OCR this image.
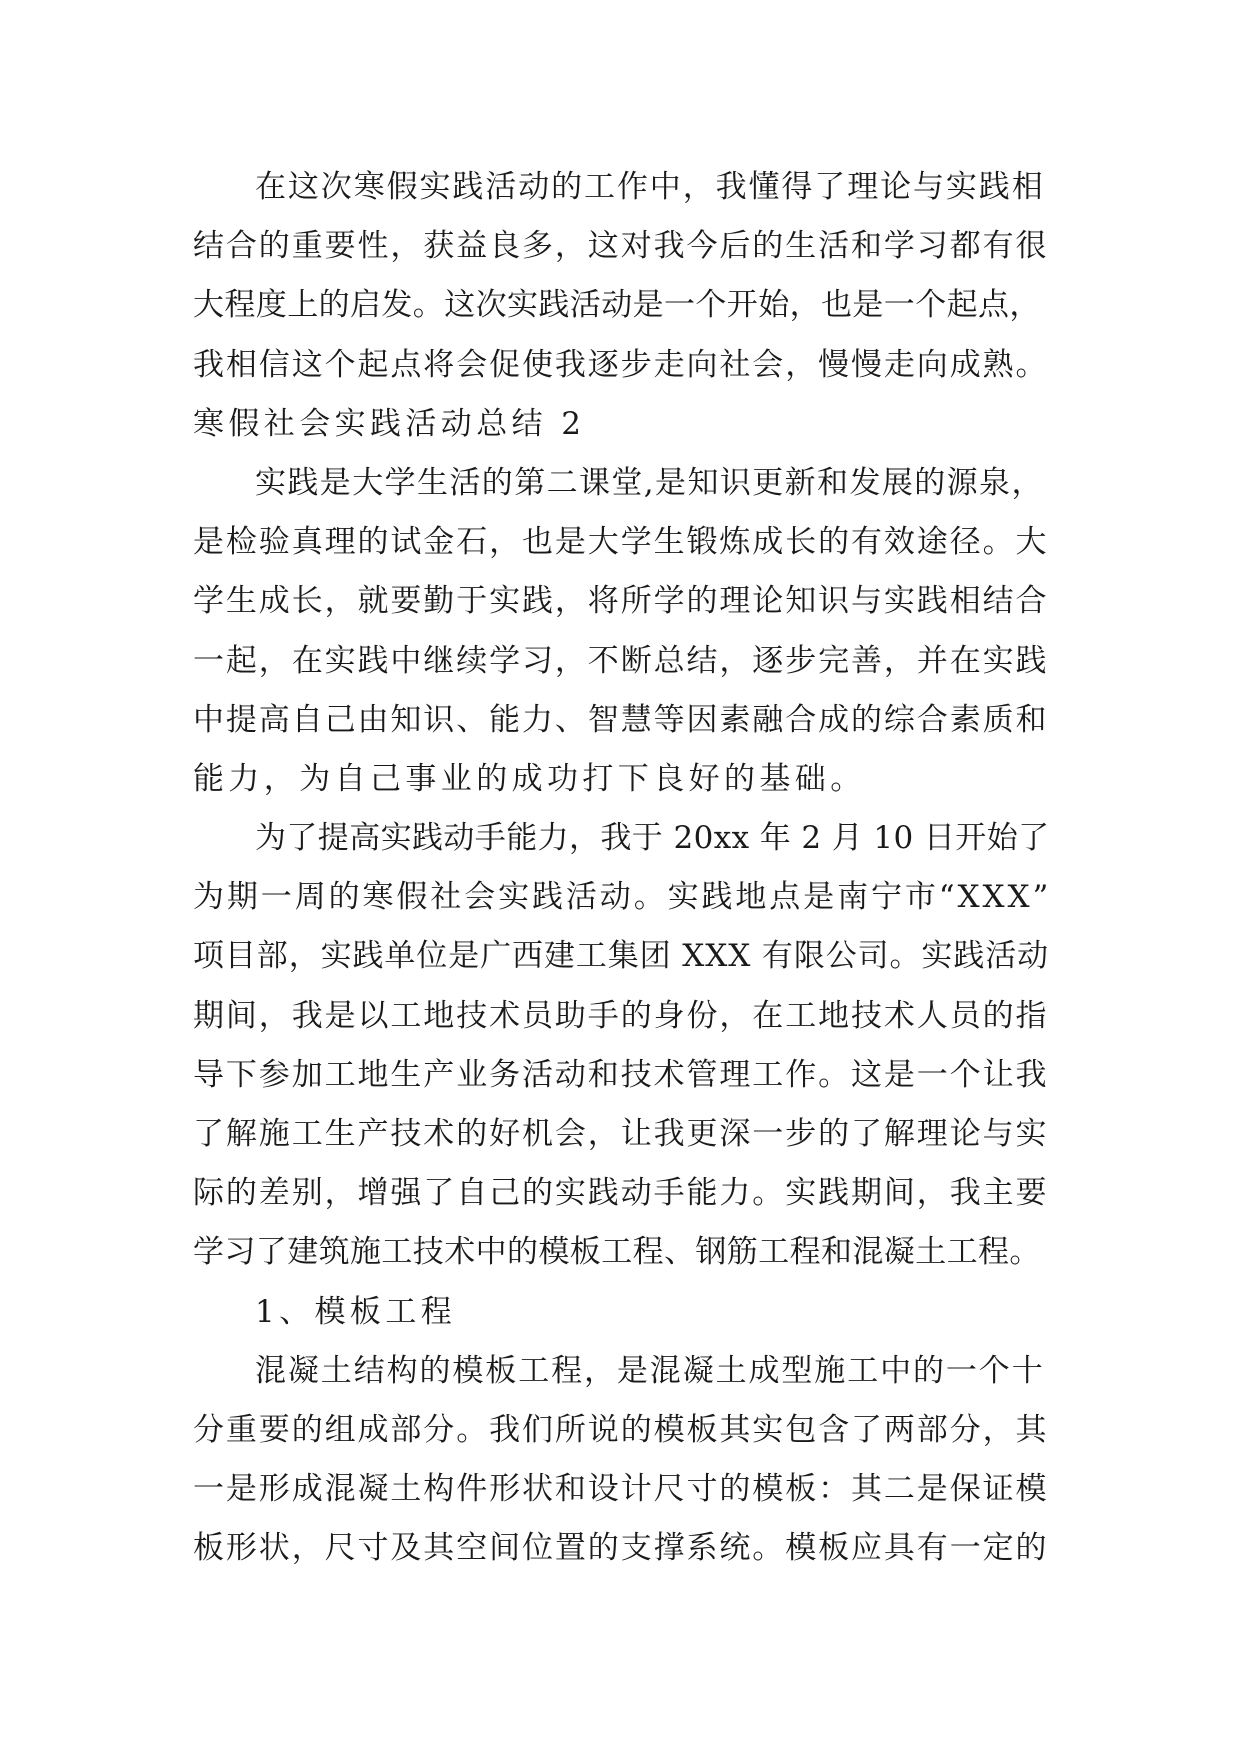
在这次寒假实践活动的工作中，我懂得了理论与实践相
结合的重要性，获益良多，这对我今后的生活和学习都有很
大程度上的启发。这次实践活动是一个开始，也是一个起点，
我相信这个起点将会促使我逐步走向社会，慢慢走向成熟。
寒假社会实践活动总结 2
实践是大学生活的第二课堂,是知识更新和发展的源泉，
是检验真理的试金石，也是大学生锻炼成长的有效途径。大
学生成长，就要勤于实践，将所学的理论知识与实践相结合
一起，在实践中继续学习，不断总结，逐步完善，并在实践
中提高自己由知识、能力、智慧等因素融合成的综合素质和
能力，为自己事业的成功打下良好的基础。
为了提高实践动手能力，我于 20xx 年 2 月 10 日开始了
为期一周的寒假社会实践活动。实践地点是南宁市“XXX”
项目部，实践单位是广西建工集团 XXX 有限公司。实践活动
期间，我是以工地技术员助手的身份，在工地技术人员的指
导下参加工地生产业务活动和技术管理工作。这是一个让我
了解施工生产技术的好机会，让我更深一步的了解理论与实
际的差别，增强了自己的实践动手能力。实践期间，我主要
学习了建筑施工技术中的模板工程、钢筋工程和混凝土工程。
1、模板工程
混凝土结构的模板工程，是混凝土成型施工中的一个十
分重要的组成部分。我们所说的模板其实包含了两部分，其
一是形成混凝土构件形状和设计尺寸的模板：其二是保证模
板形状，尺寸及其空间位置的支撑系统。模板应具有一定的
